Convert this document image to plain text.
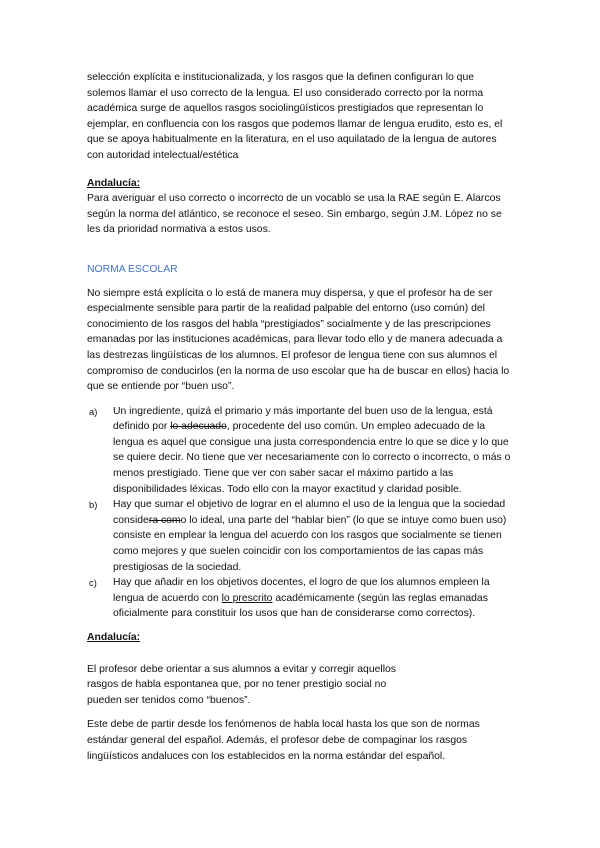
selección explícita e institucionalizada, y los rasgos que la definen configuran lo que solemos llamar el uso correcto de la lengua. El uso considerado correcto por la norma académica surge de aquellos rasgos sociolingüísticos prestigiados que representan lo ejemplar, en confluencia con los rasgos que podemos llamar de lengua erudito, esto es, el que se apoya habitualmente en la literatura, en el uso aquilatado de la lengua de autores con autoridad intelectual/estética

Andalucía:

Para averiguar el uso correcto o incorrecto de un vocablo se usa la RAE según E. Alarcos según la norma del atlántico, se reconoce el seseo. Sin embargo, según J.M. López no se les da prioridad normativa a estos usos.

NORMA ESCOLAR

No siempre está explícita o lo está de manera muy dispersa, y que el profesor ha de ser especialmente sensible para partir de la realidad palpable del entorno (uso común) del conocimiento de los rasgos del habla “prestigiados” socialmente y de las prescripciones emanadas por las instituciones académicas, para llevar todo ello y de manera adecuada a las destrezas lingüísticas de los alumnos. El profesor de lengua tiene con sus alumnos el compromiso de conducirlos (en la norma de uso escolar que ha de buscar en ellos) hacia lo que se entiende por “buen uso”.

a) Un ingrediente, quizá el primario y más importante del buen uso de la lengua, está definido por lo adecuado, procedente del uso común. Un empleo adecuado de la lengua es aquel que consigue una justa correspondencia entre lo que se dice y lo que se quiere decir. No tiene que ver necesariamente con lo correcto o incorrecto, o más o menos prestigiado. Tiene que ver con saber sacar el máximo partido a las disponibilidades léxicas. Todo ello con la mayor exactitud y claridad posible.
b) Hay que sumar el objetivo de lograr en el alumno el uso de la lengua que la sociedad considera como lo ideal, una parte del “hablar bien” (lo que se intuye como buen uso) consiste en emplear la lengua del acuerdo con los rasgos que socialmente se tienen como mejores y que suelen coincidir con los comportamientos de las capas más prestigiosas de la sociedad.
c) Hay que añadir en los objetivos docentes, el logro de que los alumnos empleen la lengua de acuerdo con lo prescrito académicamente (según las reglas emanadas oficialmente para constituir los usos que han de considerarse como correctos).

Andalucía:

El profesor debe orientar a sus alumnos a evitar y corregir aquellos

rasgos de habla espontanea que, por no tener prestigio social no

pueden ser tenidos como “buenos”.

Este debe de partir desde los fenómenos de habla local hasta los que son de normas estándar general del español. Además, el profesor debe de compaginar los rasgos lingüísticos andaluces con los establecidos en la norma estándar del español.
